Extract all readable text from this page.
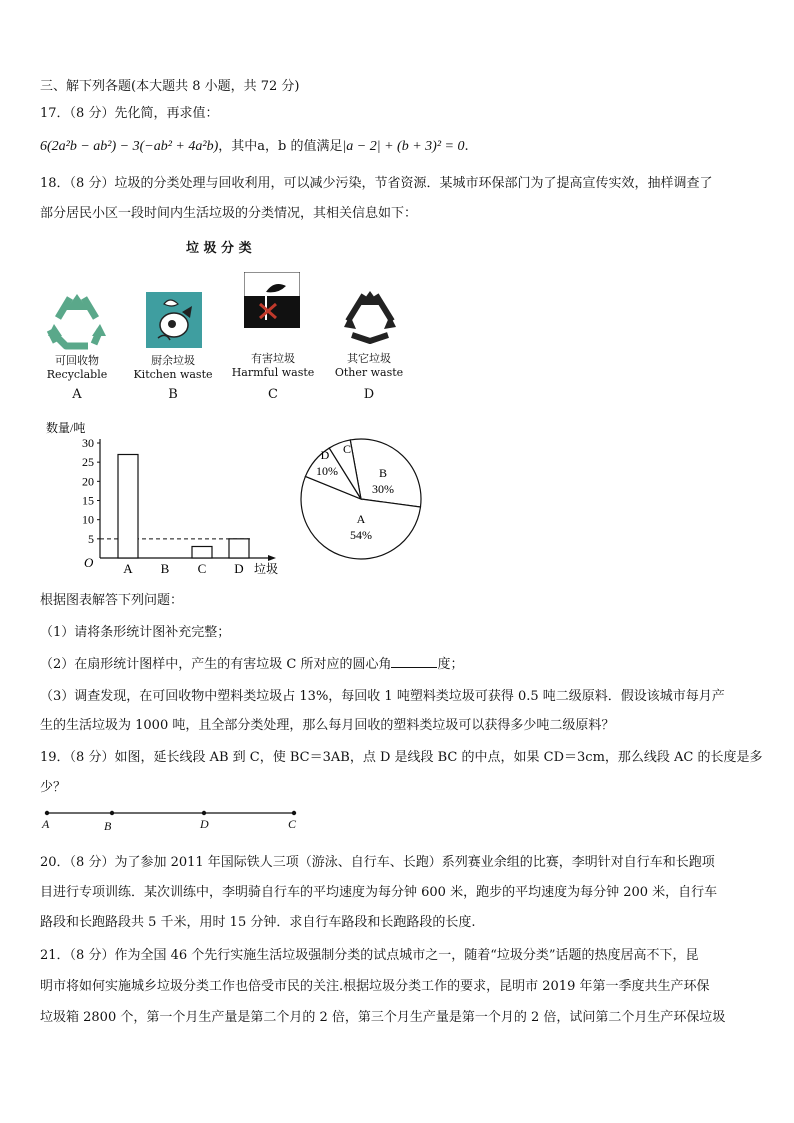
三、解下列各题(本大题共 8 小题，共 72 分)
17．（8 分）先化简，再求值：
6(2a²b − ab²) − 3(−ab² + 4a²b)，其中a，b 的值满足|a − 2| + (b + 3)² = 0.
18．（8 分）垃圾的分类处理与回收利用，可以减少污染，节省资源．某城市环保部门为了提高宣传实效，抽样调查了
部分居民小区一段时间内生活垃圾的分类情况，其相关信息如下：
垃 圾 分 类
可回收物
Recyclable
厨余垃圾
Kitchen waste
有害垃圾
Harmful waste
其它垃圾
Other waste
A	B	C	D
数量/吨
垃圾
O
5
10
15
20
25
30
A B C D
A
54%
B
30%
C
D
10%
根据图表解答下列问题：
（1）请将条形统计图补充完整；
（2）在扇形统计图样中，产生的有害垃圾 C 所对应的圆心角	度；
（3）调查发现，在可回收物中塑料类垃圾占 13%，每回收 1 吨塑料类垃圾可获得 0.5 吨二级原料．假设该城市每月产
生的生活垃圾为 1000 吨，且全部分类处理，那么每月回收的塑料类垃圾可以获得多少吨二级原料？
19．（8 分）如图，延长线段 AB 到 C，使 BC＝3AB，点 D 是线段 BC 的中点，如果 CD＝3cm，那么线段 AC 的长度是多
少？
A	B	D	C
20．（8 分）为了参加 2011 年国际铁人三项（游泳、自行车、长跑）系列赛业余组的比赛，李明针对自行车和长跑项
目进行专项训练．某次训练中，李明骑自行车的平均速度为每分钟 600 米，跑步的平均速度为每分钟 200 米，自行车
路段和长跑路段共 5 千米，用时 15 分钟．求自行车路段和长跑路段的长度.
21．（8 分）作为全国 46 个先行实施生活垃圾强制分类的试点城市之一，随着“垃圾分类”话题的热度居高不下，昆
明市将如何实施城乡垃圾分类工作也倍受市民的关注.根据垃圾分类工作的要求，昆明市 2019 年第一季度共生产环保
垃圾箱 2800 个，第一个月生产量是第二个月的 2 倍，第三个月生产量是第一个月的 2 倍，试问第二个月生产环保垃圾
